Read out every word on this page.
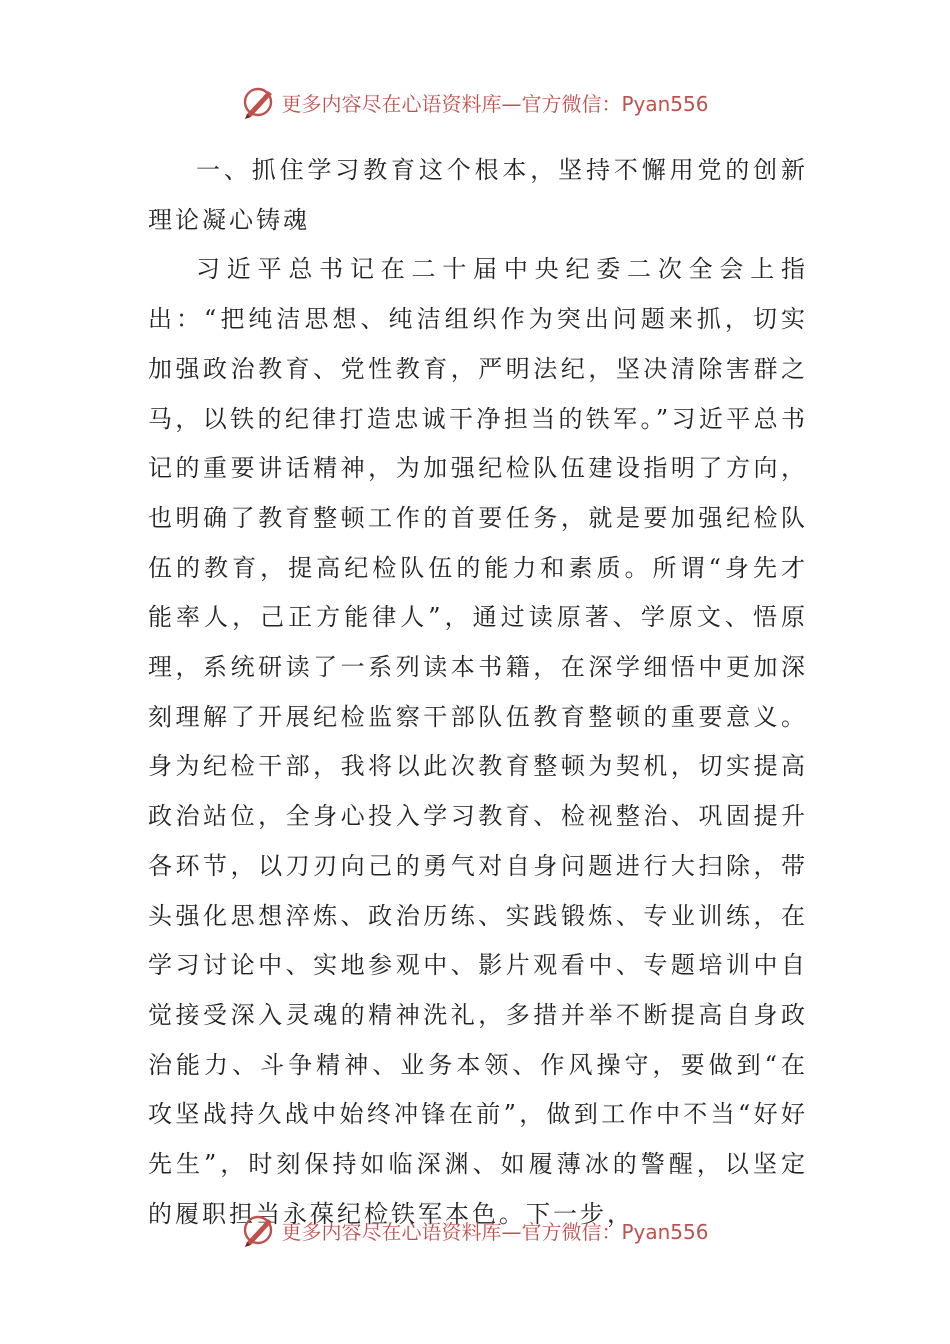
更多内容尽在心语资料库—官方微信：Pyan556

一、抓住学习教育这个根本，坚持不懈用党的创新理论凝心铸魂

习近平总书记在二十届中央纪委二次全会上指出：“把纯洁思想、纯洁组织作为突出问题来抓，切实加强政治教育、党性教育，严明法纪，坚决清除害群之马，以铁的纪律打造忠诚干净担当的铁军。”习近平总书记的重要讲话精神，为加强纪检队伍建设指明了方向，也明确了教育整顿工作的首要任务，就是要加强纪检队伍的教育，提高纪检队伍的能力和素质。所谓“身先才能率人，己正方能律人”，通过读原著、学原文、悟原理，系统研读了一系列读本书籍，在深学细悟中更加深刻理解了开展纪检监察干部队伍教育整顿的重要意义。身为纪检干部，我将以此次教育整顿为契机，切实提高政治站位，全身心投入学习教育、检视整治、巩固提升各环节，以刀刃向己的勇气对自身问题进行大扫除，带头强化思想淬炼、政治历练、实践锻炼、专业训练，在学习讨论中、实地参观中、影片观看中、专题培训中自觉接受深入灵魂的精神洗礼，多措并举不断提高自身政治能力、斗争精神、业务本领、作风操守，要做到“在攻坚战持久战中始终冲锋在前”，做到工作中不当“好好先生”，时刻保持如临深渊、如履薄冰的警醒，以坚定的履职担当永葆纪检铁军本色。下一步，

更多内容尽在心语资料库—官方微信：Pyan556
